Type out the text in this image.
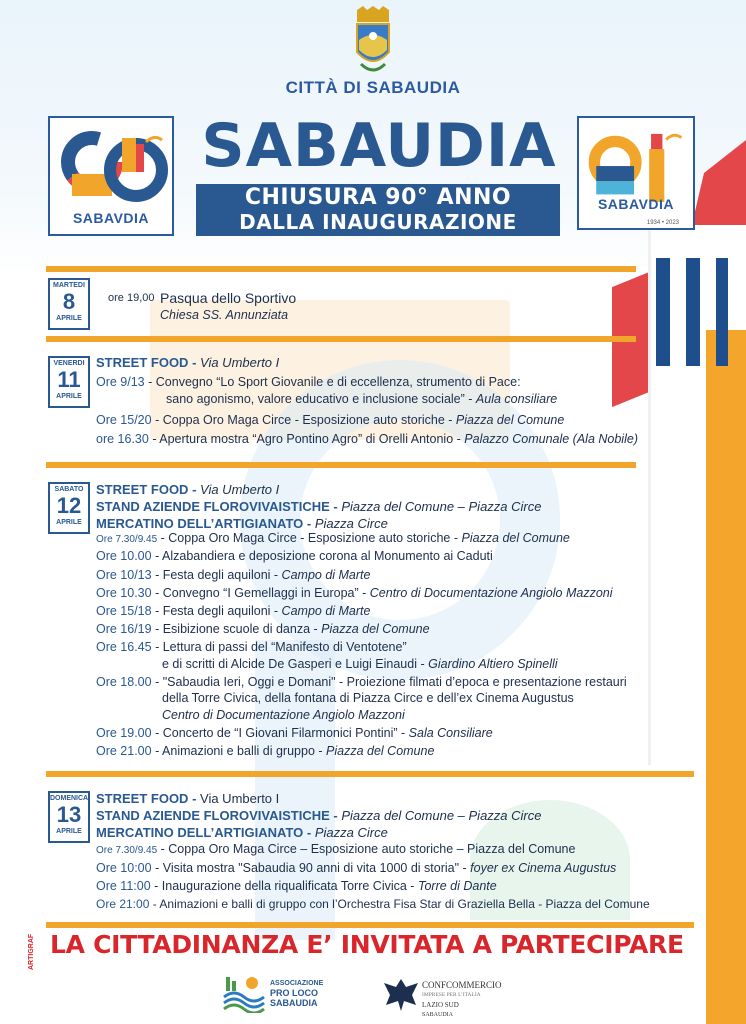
CITTÀ DI SABAUDIA
SABAVDIA
SABAVDIA
1934 • 2023
SABAUDIA
CHIUSURA 90° ANNO
DALLA INAUGURAZIONE
MARTEDI
8
APRILE
ore 19,00 Pasqua dello Sportivo
Chiesa SS. Annunziata
VENERDI
11
APRILE
STREET FOOD - Via Umberto I
Ore 9/13 - Convegno “Lo Sport Giovanile e di eccellenza, strumento di Pace:
sano agonismo, valore educativo e inclusione sociale” - Aula consiliare
Ore 15/20 - Coppa Oro Maga Circe - Esposizione auto storiche - Piazza del Comune
ore 16.30 - Apertura mostra “Agro Pontino Agro” di Orelli Antonio - Palazzo Comunale (Ala Nobile)
SABATO
12
APRILE
STREET FOOD - Via Umberto I
STAND AZIENDE FLOROVIVAISTICHE - Piazza del Comune – Piazza Circe
MERCATINO DELL’ARTIGIANATO - Piazza Circe
Ore 7.30/9.45 - Coppa Oro Maga Circe - Esposizione auto storiche - Piazza del Comune
Ore 10.00 - Alzabandiera e deposizione corona al Monumento ai Caduti
Ore 10/13 - Festa degli aquiloni - Campo di Marte
Ore 10.30 - Convegno “I Gemellaggi in Europa” - Centro di Documentazione Angiolo Mazzoni
Ore 15/18 - Festa degli aquiloni - Campo di Marte
Ore 16/19 - Esibizione scuole di danza - Piazza del Comune
Ore 16.45 - Lettura di passi del “Manifesto di Ventotene”
e di scritti di Alcide De Gasperi e Luigi Einaudi - Giardino Altiero Spinelli
Ore 18.00 - "Sabaudia Ieri, Oggi e Domani" - Proiezione filmati d’epoca e presentazione restauri
della Torre Civica, della fontana di Piazza Circe e dell’ex Cinema Augustus
Centro di Documentazione Angiolo Mazzoni
Ore 19.00 - Concerto de “I Giovani Filarmonici Pontini” - Sala Consiliare
Ore 21.00 - Animazioni e balli di gruppo - Piazza del Comune
DOMENICA
13
APRILE
STREET FOOD - Via Umberto I
STAND AZIENDE FLOROVIVAISTICHE - Piazza del Comune – Piazza Circe
MERCATINO DELL’ARTIGIANATO - Piazza Circe
Ore 7.30/9.45 - Coppa Oro Maga Circe – Esposizione auto storiche – Piazza del Comune
Ore 10:00 - Visita mostra "Sabaudia 90 anni di vita 1000 di storia" - foyer ex Cinema Augustus
Ore 11:00 - Inaugurazione della riqualificata Torre Civica - Torre di Dante
Ore 21:00 - Animazioni e balli di gruppo con l’Orchestra Fisa Star di Graziella Bella - Piazza del Comune
ARTIGRAF LA CITTADINANZA E’ INVITATA A PARTECIPARE
ASSOCIAZIONE
PRO LOCO
SABAUDIA
CONFCOMMERCIO
IMPRESE PER L’ITALIA
LAZIO SUD
SABAUDIA
